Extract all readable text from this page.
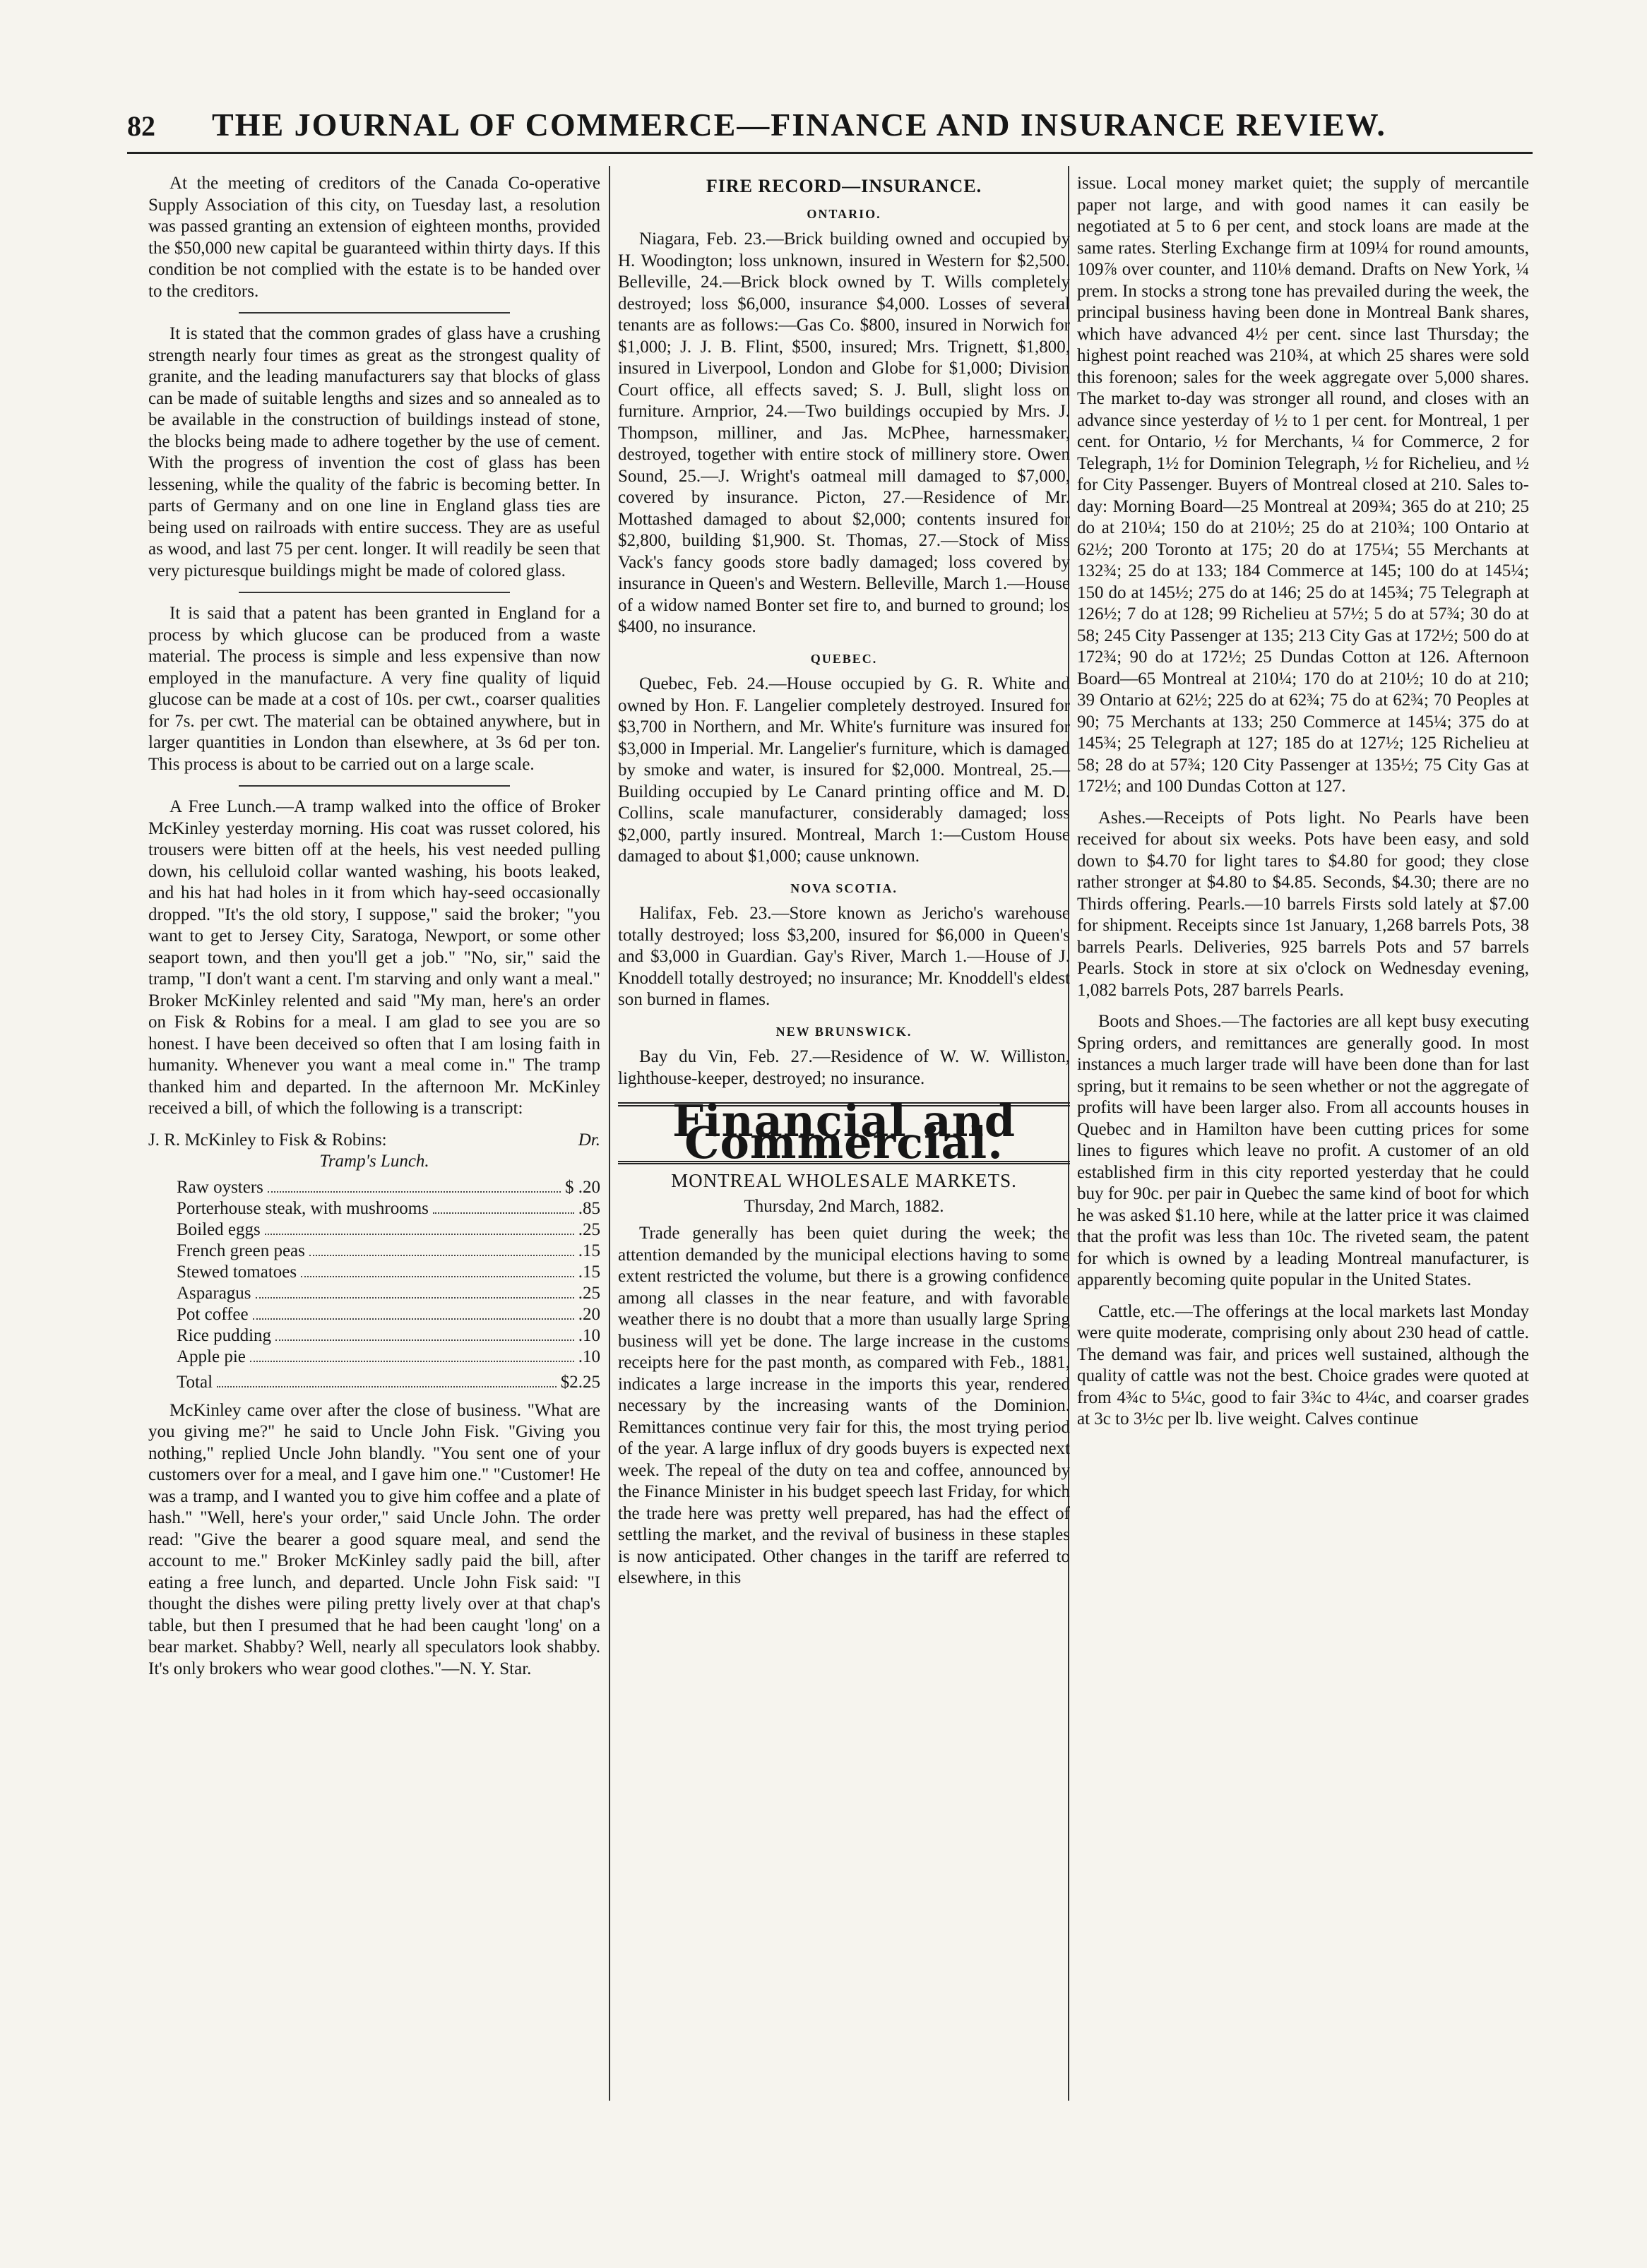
82 THE JOURNAL OF COMMERCE—FINANCE AND INSURANCE REVIEW.

At the meeting of creditors of the Canada Co-operative Supply Association of this city, on Tuesday last, a resolution was passed granting an extension of eighteen months, provided the $50,000 new capital be guaranteed within thirty days. If this condition be not complied with the estate is to be handed over to the creditors.

It is stated that the common grades of glass have a crushing strength nearly four times as great as the strongest quality of granite, and the leading manufacturers say that blocks of glass can be made of suitable lengths and sizes and so annealed as to be available in the construction of buildings instead of stone, the blocks being made to adhere together by the use of cement. With the progress of invention the cost of glass has been lessening, while the quality of the fabric is becoming better. In parts of Germany and on one line in England glass ties are being used on railroads with entire success. They are as useful as wood, and last 75 per cent. longer. It will readily be seen that very picturesque buildings might be made of colored glass.

It is said that a patent has been granted in England for a process by which glucose can be produced from a waste material. The process is simple and less expensive than now employed in the manufacture. A very fine quality of liquid glucose can be made at a cost of 10s. per cwt., coarser qualities for 7s. per cwt. The material can be obtained anywhere, but in larger quantities in London than elsewhere, at 3s 6d per ton. This process is about to be carried out on a large scale.

A Free Lunch.—A tramp walked into the office of Broker McKinley yesterday morning. His coat was russet colored, his trousers were bitten off at the heels, his vest needed pulling down, his celluloid collar wanted washing, his boots leaked, and his hat had holes in it from which hay-seed occasionally dropped. "It's the old story, I suppose," said the broker; "you want to get to Jersey City, Saratoga, Newport, or some other seaport town, and then you'll get a job." "No, sir," said the tramp, "I don't want a cent. I'm starving and only want a meal." Broker McKinley relented and said "My man, here's an order on Fisk & Robins for a meal. I am glad to see you are so honest. I have been deceived so often that I am losing faith in humanity. Whenever you want a meal come in." The tramp thanked him and departed. In the afternoon Mr. McKinley received a bill, of which the following is a transcript:

J. R. McKinley to Fisk & Robins:	Dr.
Tramp's Lunch.
Raw oysters	$ .20
Porterhouse steak, with mushrooms	.85
Boiled eggs	.25
French green peas	.15
Stewed tomatoes	.15
Asparagus	.25
Pot coffee	.20
Rice pudding	.10
Apple pie	.10
Total	$2.25

McKinley came over after the close of business. "What are you giving me?" he said to Uncle John Fisk. "Giving you nothing," replied Uncle John blandly. "You sent one of your customers over for a meal, and I gave him one." "Customer! He was a tramp, and I wanted you to give him coffee and a plate of hash." "Well, here's your order," said Uncle John. The order read: "Give the bearer a good square meal, and send the account to me." Broker McKinley sadly paid the bill, after eating a free lunch, and departed. Uncle John Fisk said: "I thought the dishes were piling pretty lively over at that chap's table, but then I presumed that he had been caught 'long' on a bear market. Shabby? Well, nearly all speculators look shabby. It's only brokers who wear good clothes."—N. Y. Star.

FIRE RECORD—INSURANCE.
ONTARIO.

Niagara, Feb. 23.—Brick building owned and occupied by H. Woodington; loss unknown, insured in Western for $2,500. Belleville, 24.—Brick block owned by T. Wills completely destroyed; loss $6,000, insurance $4,000. Losses of several tenants are as follows:—Gas Co. $800, insured in Norwich for $1,000; J. J. B. Flint, $500, insured; Mrs. Trignett, $1,800, insured in Liverpool, London and Globe for $1,000; Division Court office, all effects saved; S. J. Bull, slight loss on furniture. Arnprior, 24.—Two buildings occupied by Mrs. J. Thompson, milliner, and Jas. McPhee, harnessmaker, destroyed, together with entire stock of millinery store. Owen Sound, 25.—J. Wright's oatmeal mill damaged to $7,000, covered by insurance. Picton, 27.—Residence of Mr. Mottashed damaged to about $2,000; contents insured for $2,800, building $1,900. St. Thomas, 27.—Stock of Miss Vack's fancy goods store badly damaged; loss covered by insurance in Queen's and Western. Belleville, March 1.—House of a widow named Bonter set fire to, and burned to ground; los $400, no insurance.

QUEBEC.

Quebec, Feb. 24.—House occupied by G. R. White and owned by Hon. F. Langelier completely destroyed. Insured for $3,700 in Northern, and Mr. White's furniture was insured for $3,000 in Imperial. Mr. Langelier's furniture, which is damaged by smoke and water, is insured for $2,000. Montreal, 25.—Building occupied by Le Canard printing office and M. D. Collins, scale manufacturer, considerably damaged; loss $2,000, partly insured. Montreal, March 1:—Custom House damaged to about $1,000; cause unknown.

NOVA SCOTIA.

Halifax, Feb. 23.—Store known as Jericho's warehouse totally destroyed; loss $3,200, insured for $6,000 in Queen's and $3,000 in Guardian. Gay's River, March 1.—House of J. Knoddell totally destroyed; no insurance; Mr. Knoddell's eldest son burned in flames.

NEW BRUNSWICK.

Bay du Vin, Feb. 27.—Residence of W. W. Williston, lighthouse-keeper, destroyed; no insurance.

Financial and Commercial.
MONTREAL WHOLESALE MARKETS.
Thursday, 2nd March, 1882.

Trade generally has been quiet during the week; the attention demanded by the municipal elections having to some extent restricted the volume, but there is a growing confidence among all classes in the near feature, and with favorable weather there is no doubt that a more than usually large Spring business will yet be done. The large increase in the customs receipts here for the past month, as compared with Feb., 1881, indicates a large increase in the imports this year, rendered necessary by the increasing wants of the Dominion. Remittances continue very fair for this, the most trying period of the year. A large influx of dry goods buyers is expected next week. The repeal of the duty on tea and coffee, announced by the Finance Minister in his budget speech last Friday, for which the trade here was pretty well prepared, has had the effect of settling the market, and the revival of business in these staples is now anticipated. Other changes in the tariff are referred to elsewhere, in this

issue. Local money market quiet; the supply of mercantile paper not large, and with good names it can easily be negotiated at 5 to 6 per cent, and stock loans are made at the same rates. Sterling Exchange firm at 109¼ for round amounts, 109⅞ over counter, and 110⅛ demand. Drafts on New York, ¼ prem. In stocks a strong tone has prevailed during the week, the principal business having been done in Montreal Bank shares, which have advanced 4½ per cent. since last Thursday; the highest point reached was 210¾, at which 25 shares were sold this forenoon; sales for the week aggregate over 5,000 shares. The market to-day was stronger all round, and closes with an advance since yesterday of ½ to 1 per cent. for Montreal, 1 per cent. for Ontario, ½ for Merchants, ¼ for Commerce, 2 for Telegraph, 1½ for Dominion Telegraph, ½ for Richelieu, and ½ for City Passenger. Buyers of Montreal closed at 210. Sales to-day: Morning Board—25 Montreal at 209¾; 365 do at 210; 25 do at 210¼; 150 do at 210½; 25 do at 210¾; 100 Ontario at 62½; 200 Toronto at 175; 20 do at 175¼; 55 Merchants at 132¾; 25 do at 133; 184 Commerce at 145; 100 do at 145¼; 150 do at 145½; 275 do at 146; 25 do at 145¾; 75 Telegraph at 126½; 7 do at 128; 99 Richelieu at 57½; 5 do at 57¾; 30 do at 58; 245 City Passenger at 135; 213 City Gas at 172½; 500 do at 172¾; 90 do at 172½; 25 Dundas Cotton at 126. Afternoon Board—65 Montreal at 210¼; 170 do at 210½; 10 do at 210; 39 Ontario at 62½; 225 do at 62¾; 75 do at 62¾; 70 Peoples at 90; 75 Merchants at 133; 250 Commerce at 145¼; 375 do at 145¾; 25 Telegraph at 127; 185 do at 127½; 125 Richelieu at 58; 28 do at 57¾; 120 City Passenger at 135½; 75 City Gas at 172½; and 100 Dundas Cotton at 127.

Ashes.—Receipts of Pots light. No Pearls have been received for about six weeks. Pots have been easy, and sold down to $4.70 for light tares to $4.80 for good; they close rather stronger at $4.80 to $4.85. Seconds, $4.30; there are no Thirds offering. Pearls.—10 barrels Firsts sold lately at $7.00 for shipment. Receipts since 1st January, 1,268 barrels Pots, 38 barrels Pearls. Deliveries, 925 barrels Pots and 57 barrels Pearls. Stock in store at six o'clock on Wednesday evening, 1,082 barrels Pots, 287 barrels Pearls.

Boots and Shoes.—The factories are all kept busy executing Spring orders, and remittances are generally good. In most instances a much larger trade will have been done than for last spring, but it remains to be seen whether or not the aggregate of profits will have been larger also. From all accounts houses in Quebec and in Hamilton have been cutting prices for some lines to figures which leave no profit. A customer of an old established firm in this city reported yesterday that he could buy for 90c. per pair in Quebec the same kind of boot for which he was asked $1.10 here, while at the latter price it was claimed that the profit was less than 10c. The riveted seam, the patent for which is owned by a leading Montreal manufacturer, is apparently becoming quite popular in the United States.

Cattle, etc.—The offerings at the local markets last Monday were quite moderate, comprising only about 230 head of cattle. The demand was fair, and prices well sustained, although the quality of cattle was not the best. Choice grades were quoted at from 4¾c to 5¼c, good to fair 3¾c to 4¼c, and coarser grades at 3c to 3½c per lb. live weight. Calves continue
